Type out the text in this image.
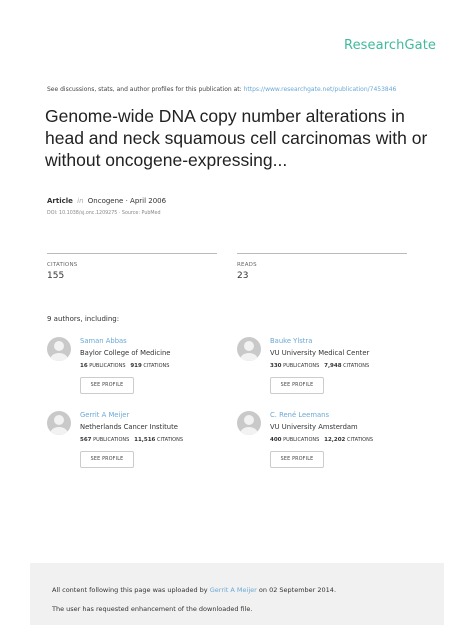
ResearchGate
See discussions, stats, and author profiles for this publication at: https://www.researchgate.net/publication/7453846
Genome-wide DNA copy number alterations in head and neck squamous cell carcinomas with or without oncogene-expressing...
Article in Oncogene · April 2006
DOI: 10.1038/sj.onc.1209275 · Source: PubMed
CITATIONS
155
READS
23
9 authors, including:
Saman Abbas
Baylor College of Medicine
16 PUBLICATIONS 919 CITATIONS
SEE PROFILE
Bauke Ylstra
VU University Medical Center
330 PUBLICATIONS 7,948 CITATIONS
SEE PROFILE
Gerrit A Meijer
Netherlands Cancer Institute
567 PUBLICATIONS 11,516 CITATIONS
SEE PROFILE
C. René Leemans
VU University Amsterdam
400 PUBLICATIONS 12,202 CITATIONS
SEE PROFILE

All content following this page was uploaded by Gerrit A Meijer on 02 September 2014.

The user has requested enhancement of the downloaded file.
